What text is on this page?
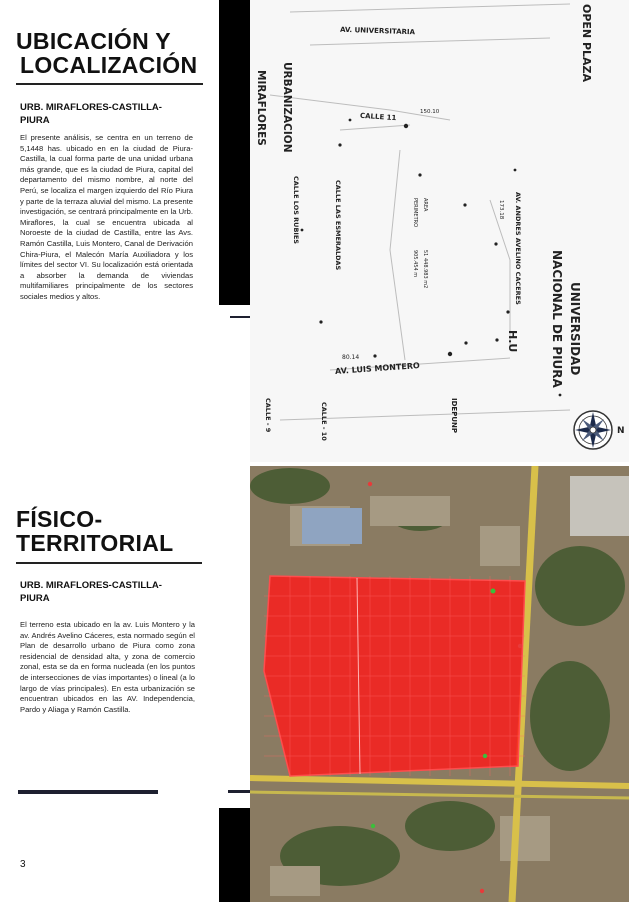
UBICACIÓN Y
LOCALIZACIÓN
URB. MIRAFLORES-CASTILLA-
PIURA
El presente análisis, se centra en un terreno de 5,1448 has. ubicado en en la ciudad de Piura-Castilla, la cual forma parte de una unidad urbana más grande, que es la ciudad de Piura, capital del departamento del mismo nombre, al norte del Perú, se localiza el margen izquierdo del Río Piura y parte de la terraza aluvial del mismo. La presente investigación, se centrará principalmente en la Urb. Miraflores, la cual se encuentra ubicada al Noroeste de la ciudad de Castilla, entre las Avs. Ramón Castilla, Luis Montero, Canal de Derivación Chira-Piura, el Malecón María Auxiliadora y los límites del sector VI. Su localización está orientada a absorber la demanda de viviendas multifamiliares principalmente de los sectores sociales medios y altos.
N
AV. UNIVERSITARIA	OPEN PLAZA
URBANIZACION
MIRAFLORES	CALLE 11	150.10
CALLE LOS RUBIES	CALLE LAS ESMERALDAS	AV. ANDRES AVELINO CACERES
173.18
UNIVERSIDAD
NACIONAL DE PIURA
AREA
PERIMETRO
51 448.983 m2
905.454 m
H.U
80.14
AV. LUIS MONTERO
CALLE - 9	CALLE - 10	IDEPUNP
FÍSICO-
TERRITORIAL
URB. MIRAFLORES-CASTILLA-
PIURA
El terreno esta ubicado en la av. Luis Montero y la av. Andrés Avelino Cáceres, esta normado según el Plan de desarrollo urbano de Piura como zona residencial de densidad alta, y zona de comercio zonal, esta se da en forma nucleada (en los puntos de intersecciones de vías importantes) o lineal (a lo largo de vías principales). En esta urbanización se encuentran ubicados en las AV. Independencia, Pardo y Aliaga y Ramón Castilla.
3
